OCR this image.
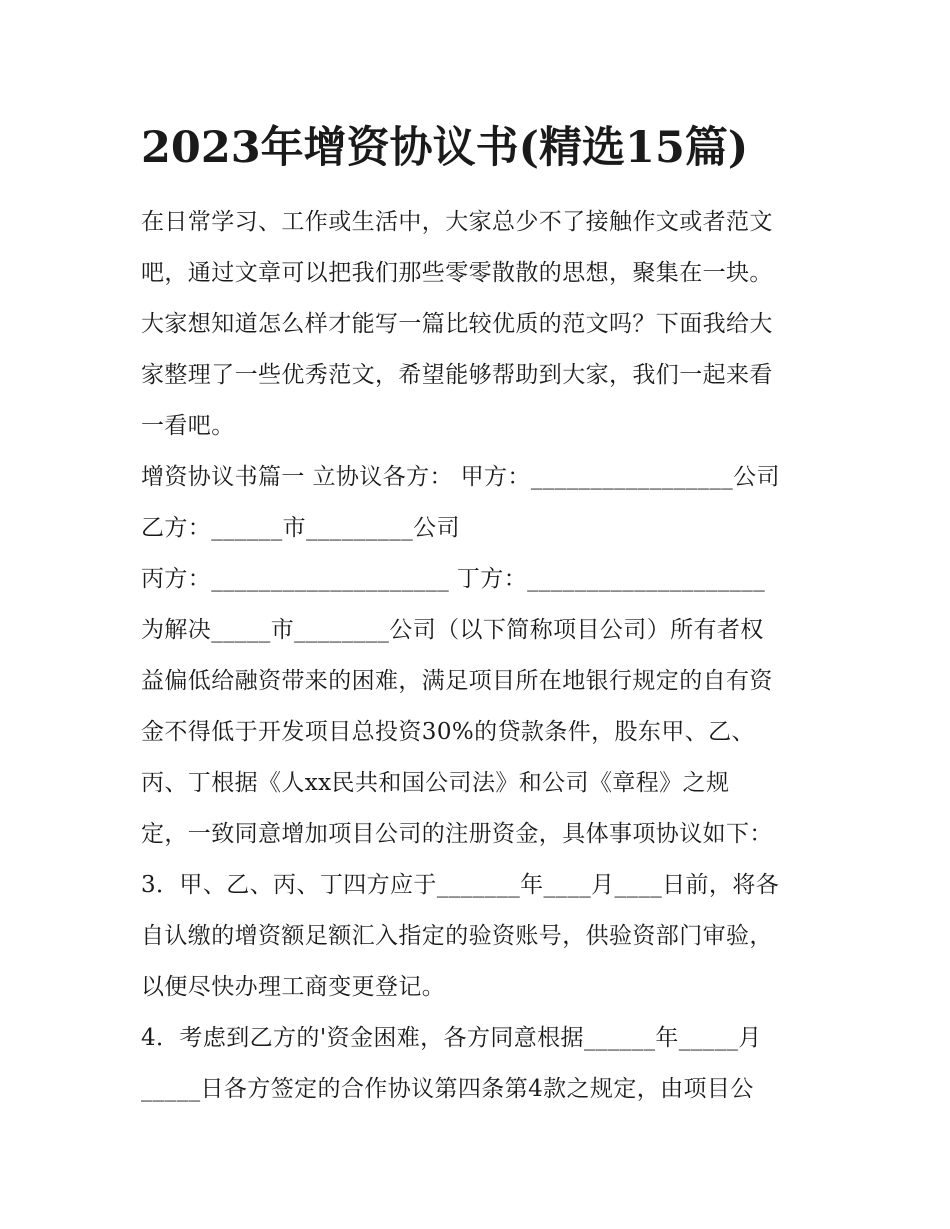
2023年增资协议书(精选15篇)

在日常学习、工作或生活中，大家总少不了接触作文或者范文

吧，通过文章可以把我们那些零零散散的思想，聚集在一块。

大家想知道怎么样才能写一篇比较优质的范文吗？下面我给大

家整理了一些优秀范文，希望能够帮助到大家，我们一起来看

一看吧。

增资协议书篇一 立协议各方： 甲方：_________________公司

乙方：______市_________公司

丙方：____________________ 丁方：____________________

为解决_____市________公司（以下简称项目公司）所有者权

益偏低给融资带来的困难，满足项目所在地银行规定的自有资

金不得低于开发项目总投资30%的贷款条件，股东甲、乙、

丙、丁根据《人xx民共和国公司法》和公司《章程》之规

定，一致同意增加项目公司的注册资金，具体事项协议如下：

3．甲、乙、丙、丁四方应于_______年____月____日前，将各

自认缴的增资额足额汇入指定的验资账号，供验资部门审验，

以便尽快办理工商变更登记。

4．考虑到乙方的'资金困难，各方同意根据______年_____月

_____日各方签定的合作协议第四条第4款之规定，由项目公
